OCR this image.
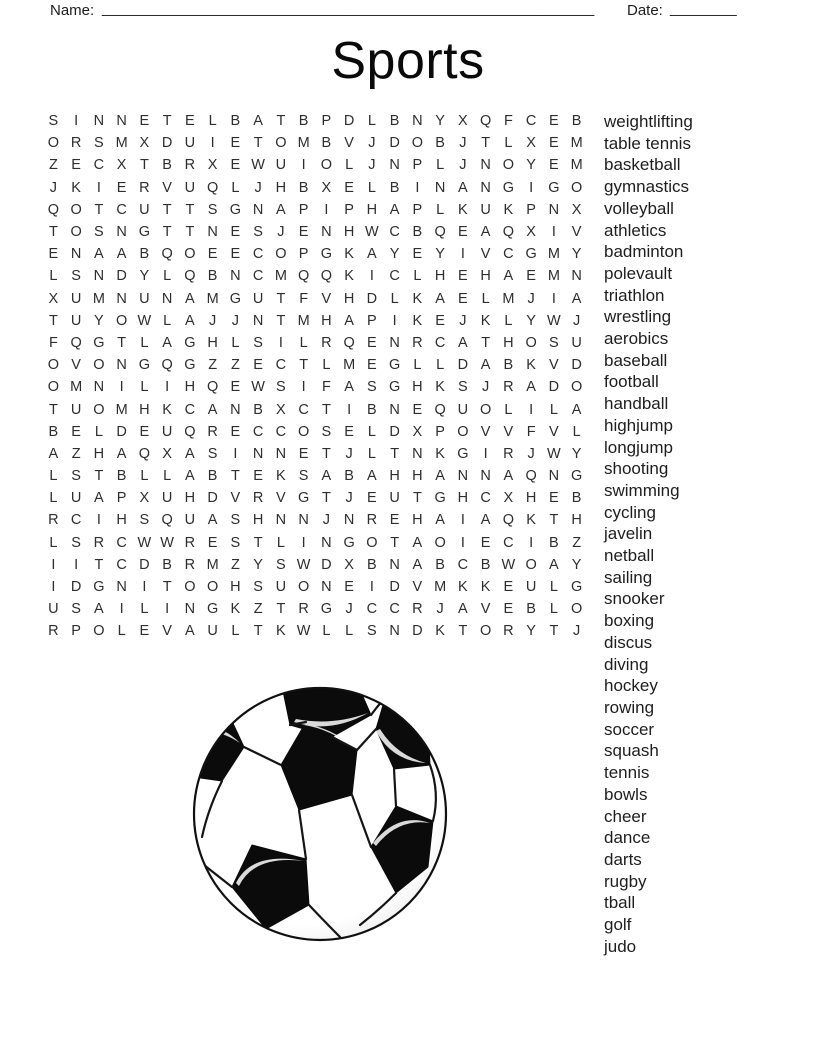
Name: ___________________________________________________________ Date: ________
Sports
S	I	N N E T E L B A T B P D L B N Y X Q F C E B
O R S M X D U	I	E T O M B V J D O B J	T L X E M
Z E C X T B R X E W U	I	O L	J N P L	J N O Y E M
J K	I	E R V U Q L	J H B X E L B	I	N A N G	I	G O
Q O T C U T T S G N A P	I	P H A P L K U K P N X
T O S N G T T N E S J E N H W C B Q E A Q X	I	V
E N A A B Q O E E C O P G K A Y E Y	I	V C G M Y
L S N D Y L Q B N C M Q Q K	I	C L H E H A E M N
X U M N U N A M G U T F V H D L K A E L M J	I	A
T U Y O W L A J	J N T M H A P	I	K E J K L Y W J
F Q G T L A G H L S	I	L R Q E N R C A T H O S U
O V O N G Q G Z Z E C T L M E G L	L D A B K V D
O M N	I	L	I	H Q E W S	I	F A S G H K S J R A D O
T U O M H K C A N B X C T	I	B N E Q U O L	I	L A
B E L D E U Q R E C C O S E L D X P O V V F V L
A Z H A Q X A S	I	N N E T	J	L T N K G	I	R J W Y
L S T B L	L A B T E K S A B A H H A N N A Q N G
L U A P X U H D V R V G T	J E U T G H C X H E B
R C	I	H S Q U A S H N N J N R E H A	I	A Q K T H
L S R C W W R E S T L	I	N G O T A O	I	E C	I	B Z
I	I	T C D B R M Z Y S W D X B N A B C B W O A Y
I	D G N	I	T O O H S U O N E	I	D V M K K E U L G
U S A	I	L	I	N G K Z T R G J C C R J A V E B L O
R P O L E V A U L T K W L	L S N D K T O R Y T	J
weightlifting
table tennis
basketball
gymnastics
volleyball
athletics
badminton
polevault
triathlon
wrestling
aerobics
baseball
football
handball
highjump
longjump
shooting
swimming
cycling
javelin
netball
sailing
snooker
boxing
discus
diving
hockey
rowing
soccer
squash
tennis
bowls
cheer
dance
darts
rugby
tball
golf
judo
